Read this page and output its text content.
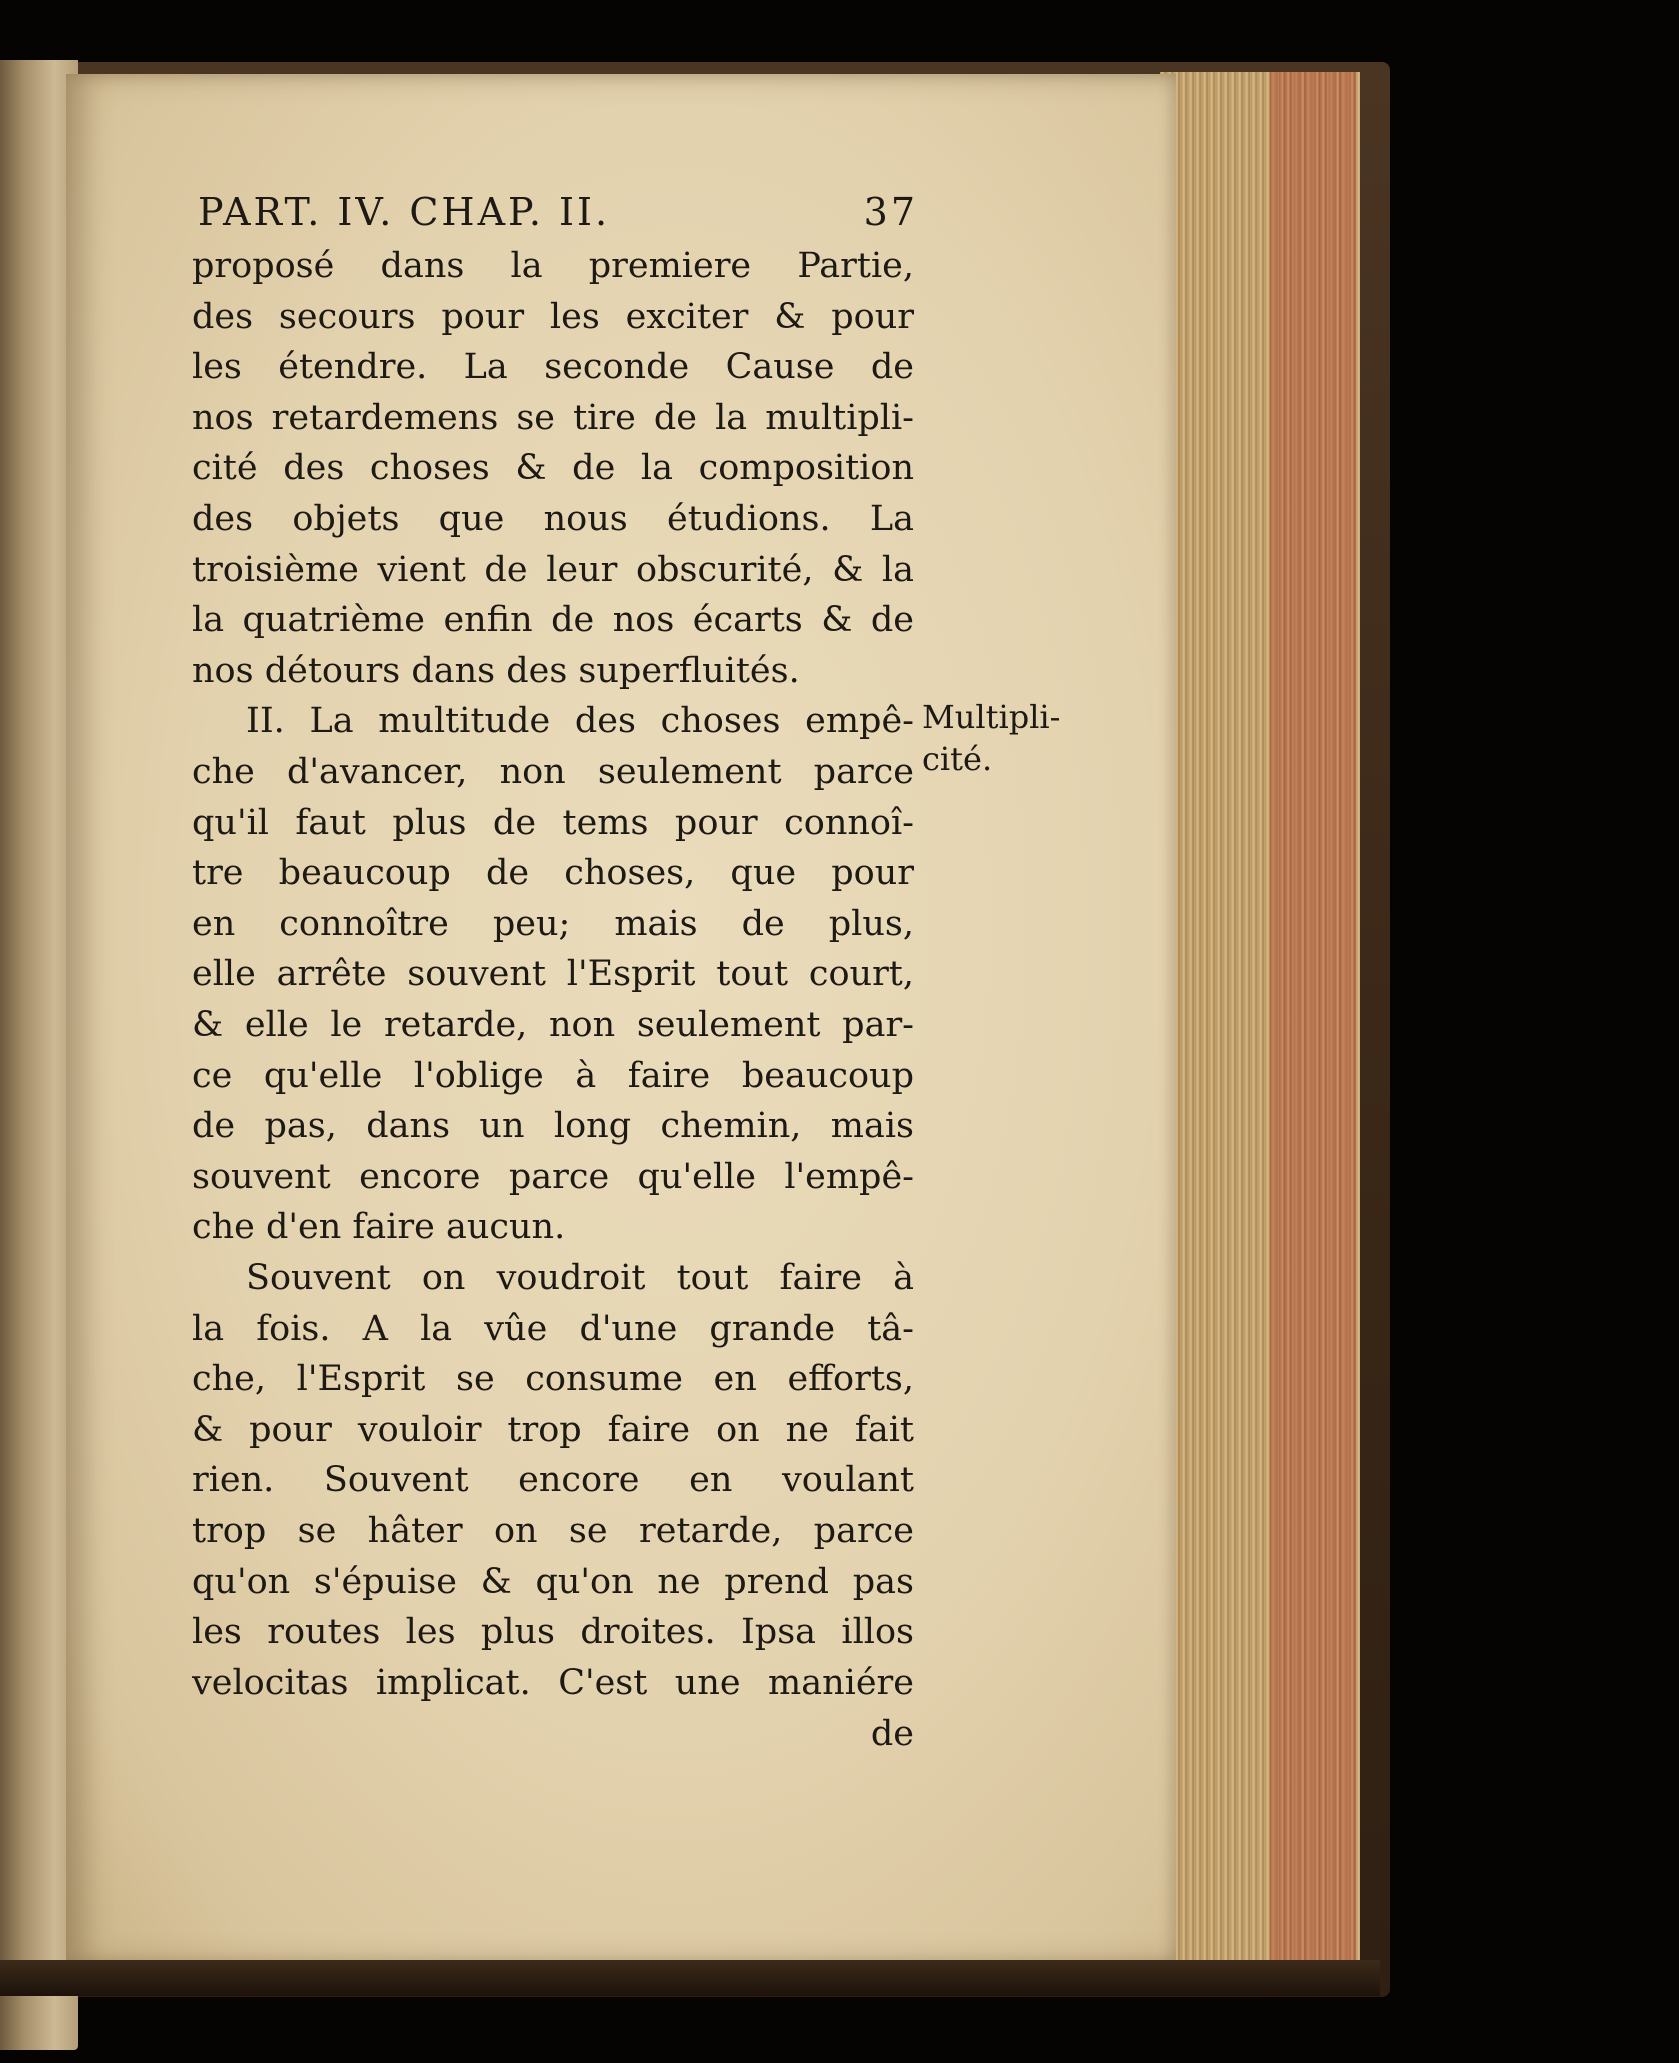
PART. IV. CHAP. II.	37
proposé dans la premiere Partie,
des secours pour les exciter & pour
les étendre. La seconde Cause de
nos retardemens se tire de la multipli-
cité des choses & de la composition
des objets que nous étudions. La
troisième vient de leur obscurité, & la
la quatrième enfin de nos écarts & de
nos détours dans des superfluités.
II. La multitude des choses empê-
che d'avancer, non seulement parce
qu'il faut plus de tems pour connoî-
tre beaucoup de choses, que pour
en connoître peu; mais de plus,
elle arrête souvent l'Esprit tout court,
& elle le retarde, non seulement par-
ce qu'elle l'oblige à faire beaucoup
de pas, dans un long chemin, mais
souvent encore parce qu'elle l'empê-
che d'en faire aucun.
Souvent on voudroit tout faire à
la fois. A la vûe d'une grande tâ-
che, l'Esprit se consume en efforts,
& pour vouloir trop faire on ne fait
rien. Souvent encore en voulant
trop se hâter on se retarde, parce
qu'on s'épuise & qu'on ne prend pas
les routes les plus droites. Ipsa illos
velocitas implicat. C'est une maniére
Multipli-
cité.
de
